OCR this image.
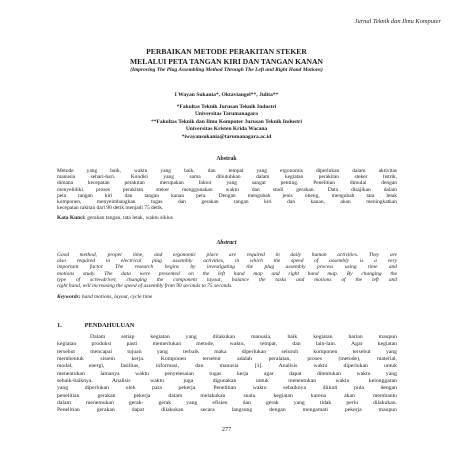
Jurnal Teknik dan Ilmu Komputer
PERBAIKAN METODE PERAKITAN STEKER
MELALUI PETA TANGAN KIRI DAN TANGAN KANAN
(Improving The Plug Assembling Method Through The Left and Right Hand Motions)
I Wayan Sukania*, Oktaviangel**, Julita**
*Fakultas Teknik Jurusan Teknik Industri
Universitas Tarumanagara
**Fakultas Teknik dan Ilmu Komputer Jurusan Teknik Industri
Universitas Kristen Krida Wacana
*iwayansukania@tarumanagara.ac.id
Abstrak
Metode yang baik, waktu yang baik, dan tempat yang ergonomis diperlukan dalam aktivitas
manusia sehari-hari. Kondisi yang sama dibutuhkan dalam kegiatan perakitan steker listrik,
dimana kecepatan perakitan merupakan faktor yang sangat penting. Penelitian dimulai dengan
menyelidiki proses perakitan steker menggunakan waktu dan studi gerakan. Data disajikan dalam
peta tangan kiri dan tangan kanan peta. Dengan mengubah jenis obeng, mengubah tata letak
komponen, menyeimbangkan tugas dan gerakan tangan kiri dan kanan, akan meningkatkan
kecepatan rakitan dari 90 detik menjadi 75 detik.
Kata Kunci: gerakan tangan, tata letak, waktu siklus
Abstract
Good method, proper time, and ergonomic place are required in daily human activities. They are
also required in electrical plug assembly activities, in which the speed of assembly is a very
important factor. The research begins by investigating the plug assembly process using time and
motions study. The data were presented on the left hand map and right hand map. By changing the
type of screwdriver, changing the component layout, balance the tasks and motions of the left and
right hand, will increasing the speed of assembly from 90 seconds to 75 seconds.
Keywords: hand motions, layout, cycle time
1.	PENDAHULUAN
Dalam setiap kegiatan yang dilakukan manusia, baik kegiatan harian maupun
kegiatan produksi pasti memerlukan metode, waktu, tempat, dan lain-lain. Agar kegiatan
tersebut mencapai tujuan yang terbaik maka diperlukan seluruh komponen tersebut yang
membentuk sistem kerja. Komponen tersebut adalah peralatan, proses (metode), material,
modal, energi, fasilitas, informasi, dan manusia [1]. Analisis waktu diperlukan untuk
menentukan lamanya waktu penyelesaian tugas kerja agar dapat ditentukan waktu yang
sebaik-baiknya. Analisis waktu juga digunakan untuk menentukan waktu kelonggaran
yang diperlukan oleh para pekerja. Penelitian waktu sebaiknya diikuti pula dengan
penelitian gerakan pekerja dalam melakukan suatu kegiatan karena akan membantu
dalam menemukan gerak- gerak yang efisien dan gerak yang tidak perlu dilakukan.
Penelitian gerakan dapat dilakukan secara langsung dengan mengamati pekerja maupun
277
